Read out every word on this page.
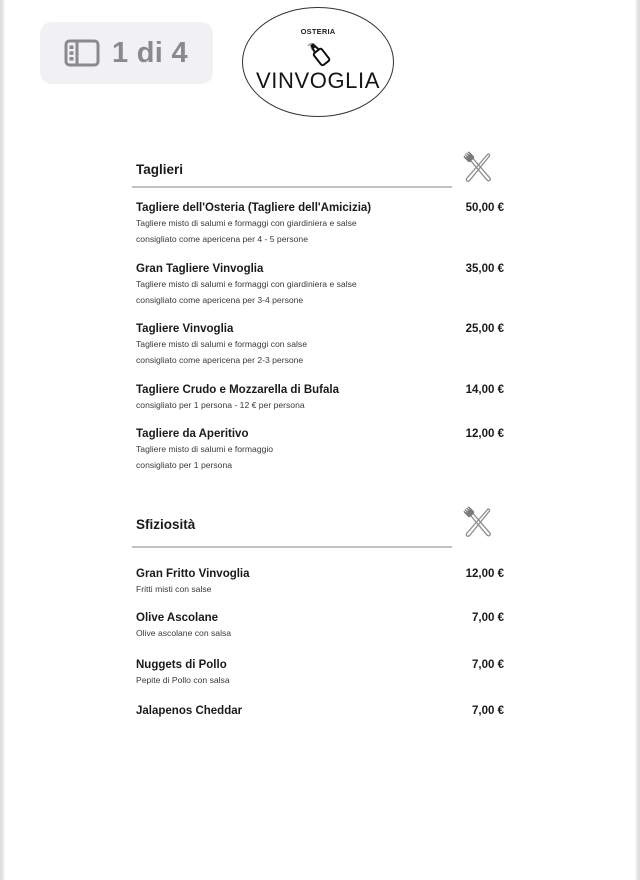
1 di 4
OSTERIA
VINVOGLIA
Taglieri
Tagliere dell'Osteria (Tagliere dell'Amicizia)	50,00 €
Tagliere misto di salumi e formaggi con giardiniera e salse
consigliato come apericena per 4 - 5 persone
Gran Tagliere Vinvoglia	35,00 €
Tagliere misto di salumi e formaggi con giardiniera e salse
consigliato come apericena per 3-4 persone
Tagliere Vinvoglia	25,00 €
Tagliere misto di salumi e formaggi con salse
consigliato come apericena per 2-3 persone
Tagliere Crudo e Mozzarella di Bufala	14,00 €
consigliato per 1 persona - 12 € per persona
Tagliere da Aperitivo	12,00 €
Tagliere misto di salumi e formaggio
consigliato per 1 persona
Sfiziosità
Gran Fritto Vinvoglia	12,00 €
Fritti misti con salse
Olive Ascolane	7,00 €
Olive ascolane con salsa
Nuggets di Pollo	7,00 €
Pepite di Pollo con salsa
Jalapenos Cheddar	7,00 €
